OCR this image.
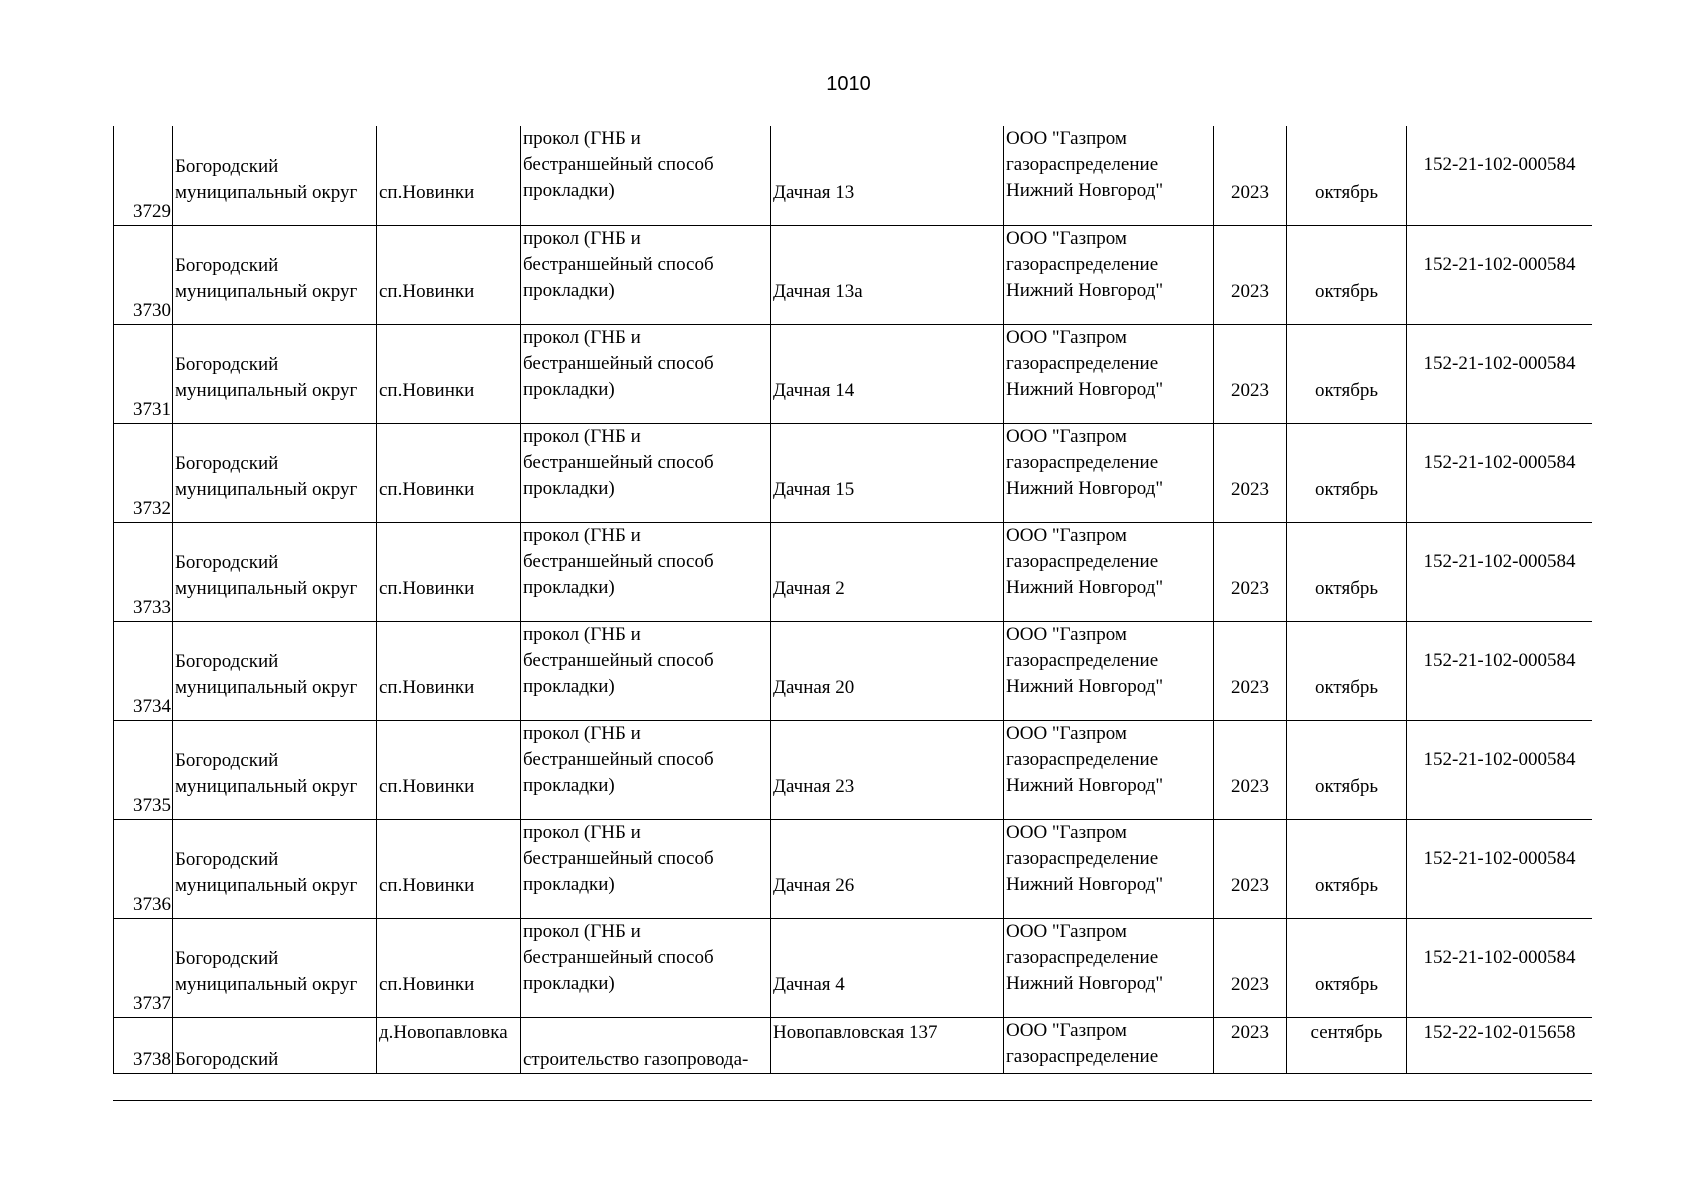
1010
3729	Богородский
муниципальный округ	сп.Новинки	прокол (ГНБ и
бестраншейный способ
прокладки)	Дачная 13	ООО "Газпром
газораспределение
Нижний Новгород"	2023	октябрь	152-21-102-000584

3730	Богородский
муниципальный округ	сп.Новинки	прокол (ГНБ и
бестраншейный способ
прокладки)	Дачная 13а	ООО "Газпром
газораспределение
Нижний Новгород"	2023	октябрь	152-21-102-000584

3731	Богородский
муниципальный округ	сп.Новинки	прокол (ГНБ и
бестраншейный способ
прокладки)	Дачная 14	ООО "Газпром
газораспределение
Нижний Новгород"	2023	октябрь	152-21-102-000584

3732	Богородский
муниципальный округ	сп.Новинки	прокол (ГНБ и
бестраншейный способ
прокладки)	Дачная 15	ООО "Газпром
газораспределение
Нижний Новгород"	2023	октябрь	152-21-102-000584

3733	Богородский
муниципальный округ	сп.Новинки	прокол (ГНБ и
бестраншейный способ
прокладки)	Дачная 2	ООО "Газпром
газораспределение
Нижний Новгород"	2023	октябрь	152-21-102-000584

3734	Богородский
муниципальный округ	сп.Новинки	прокол (ГНБ и
бестраншейный способ
прокладки)	Дачная 20	ООО "Газпром
газораспределение
Нижний Новгород"	2023	октябрь	152-21-102-000584

3735	Богородский
муниципальный округ	сп.Новинки	прокол (ГНБ и
бестраншейный способ
прокладки)	Дачная 23	ООО "Газпром
газораспределение
Нижний Новгород"	2023	октябрь	152-21-102-000584

3736	Богородский
муниципальный округ	сп.Новинки	прокол (ГНБ и
бестраншейный способ
прокладки)	Дачная 26	ООО "Газпром
газораспределение
Нижний Новгород"	2023	октябрь	152-21-102-000584

3737	Богородский
муниципальный округ	сп.Новинки	прокол (ГНБ и
бестраншейный способ
прокладки)	Дачная 4	ООО "Газпром
газораспределение
Нижний Новгород"	2023	октябрь	152-21-102-000584

3738	Богородский	д.Новопавловка	строительство газопровода-	Новопавловская 137	ООО "Газпром
газораспределение	2023	сентябрь	152-22-102-015658
